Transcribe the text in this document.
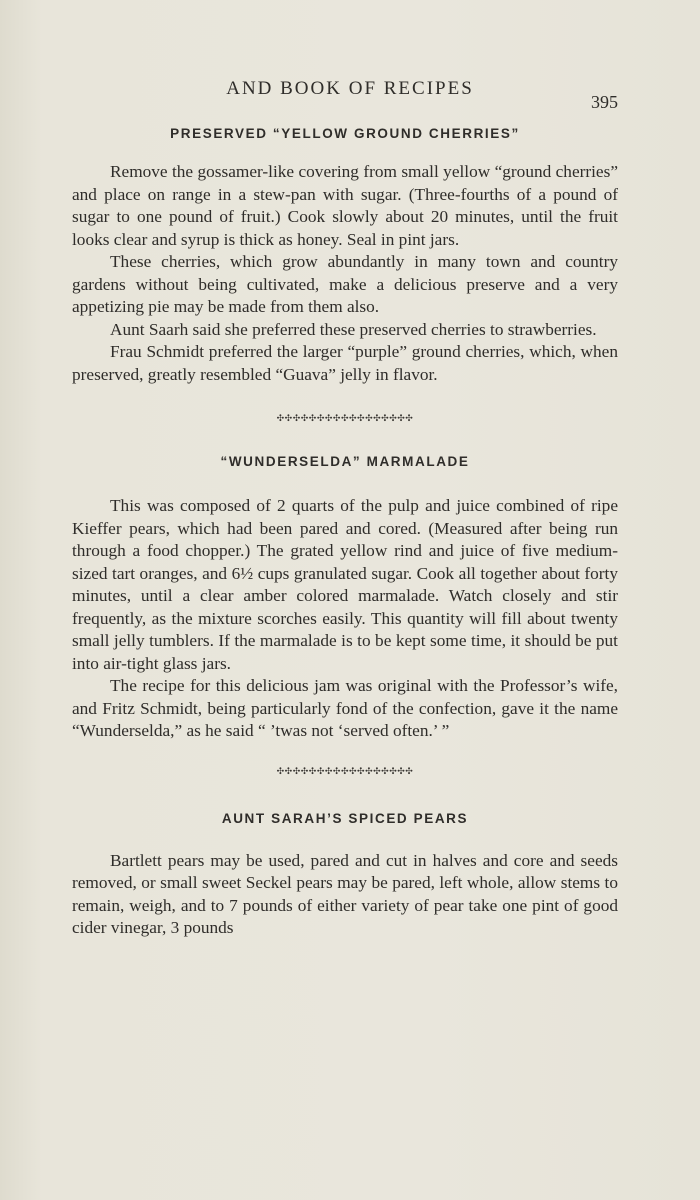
AND BOOK OF RECIPES
395
PRESERVED “YELLOW GROUND CHERRIES”

Remove the gossamer-like covering from small yellow “ground cherries” and place on range in a stew-pan with sugar. (Three-fourths of a pound of sugar to one pound of fruit.) Cook slowly about 20 minutes, until the fruit looks clear and syrup is thick as honey. Seal in pint jars.

These cherries, which grow abundantly in many town and country gardens without being cultivated, make a delicious preserve and a very appetizing pie may be made from them also.

Aunt Saarh said she preferred these preserved cherries to strawberries.

Frau Schmidt preferred the larger “purple” ground cherries, which, when preserved, greatly resembled “Guava” jelly in flavor.

✣✣✣✣✣✣✣✣✣✣✣✣✣✣✣✣✣
“WUNDERSELDA” MARMALADE

This was composed of 2 quarts of the pulp and juice combined of ripe Kieffer pears, which had been pared and cored. (Measured after being run through a food chopper.) The grated yellow rind and juice of five medium-sized tart oranges, and 6½ cups granulated sugar. Cook all together about forty minutes, until a clear amber colored marmalade. Watch closely and stir frequently, as the mixture scorches easily. This quantity will fill about twenty small jelly tumblers. If the marmalade is to be kept some time, it should be put into air-tight glass jars.

The recipe for this delicious jam was original with the Professor’s wife, and Fritz Schmidt, being particularly fond of the confection, gave it the name “Wunderselda,” as he said “ ’twas not ‘served often.’ ”

✣✣✣✣✣✣✣✣✣✣✣✣✣✣✣✣✣
AUNT SARAH’S SPICED PEARS

Bartlett pears may be used, pared and cut in halves and core and seeds removed, or small sweet Seckel pears may be pared, left whole, allow stems to remain, weigh, and to 7 pounds of either variety of pear take one pint of good cider vinegar, 3 pounds
